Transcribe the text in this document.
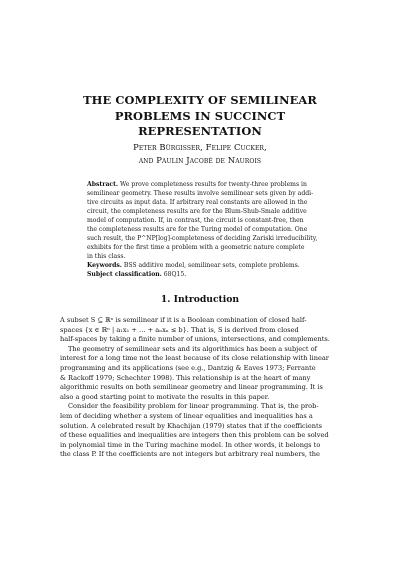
THE COMPLEXITY OF SEMILINEAR
PROBLEMS IN SUCCINCT
REPRESENTATION
Peter Bürgisser, Felipe Cucker,
and Paulin Jacobé de Naurois
Abstract. We prove completeness results for twenty-three problems in
semilinear geometry. These results involve semilinear sets given by addi-
tive circuits as input data. If arbitrary real constants are allowed in the
circuit, the completeness results are for the Blum-Shub-Smale additive
model of computation. If, in contrast, the circuit is constant-free, then
the completeness results are for the Turing model of computation. One
such result, the P^NP[log]-completeness of deciding Zariski irreducibility,
exhibits for the first time a problem with a geometric nature complete
in this class.
Keywords. BSS additive model, semilinear sets, complete problems.
Subject classification. 68Q15.
1. Introduction
A subset S ⊆ ℝⁿ is semilinear if it is a Boolean combination of closed half-
spaces {x ∈ ℝⁿ | a₁x₁ + … + aₙxₙ ≤ b}. That is, S is derived from closed
half-spaces by taking a finite number of unions, intersections, and complements.
The geometry of semilinear sets and its algorithmics has been a subject of
interest for a long time not the least because of its close relationship with linear
programming and its applications (see e.g., Dantzig & Eaves 1973; Ferrante
& Rackoff 1979; Schechter 1998). This relationship is at the heart of many
algorithmic results on both semilinear geometry and linear programming. It is
also a good starting point to motivate the results in this paper.
Consider the feasibility problem for linear programming. That is, the prob-
lem of deciding whether a system of linear equalities and inequalities has a
solution. A celebrated result by Khachijan (1979) states that if the coefficients
of these equalities and inequalities are integers then this problem can be solved
in polynomial time in the Turing machine model. In other words, it belongs to
the class P. If the coefficients are not integers but arbitrary real numbers, the
